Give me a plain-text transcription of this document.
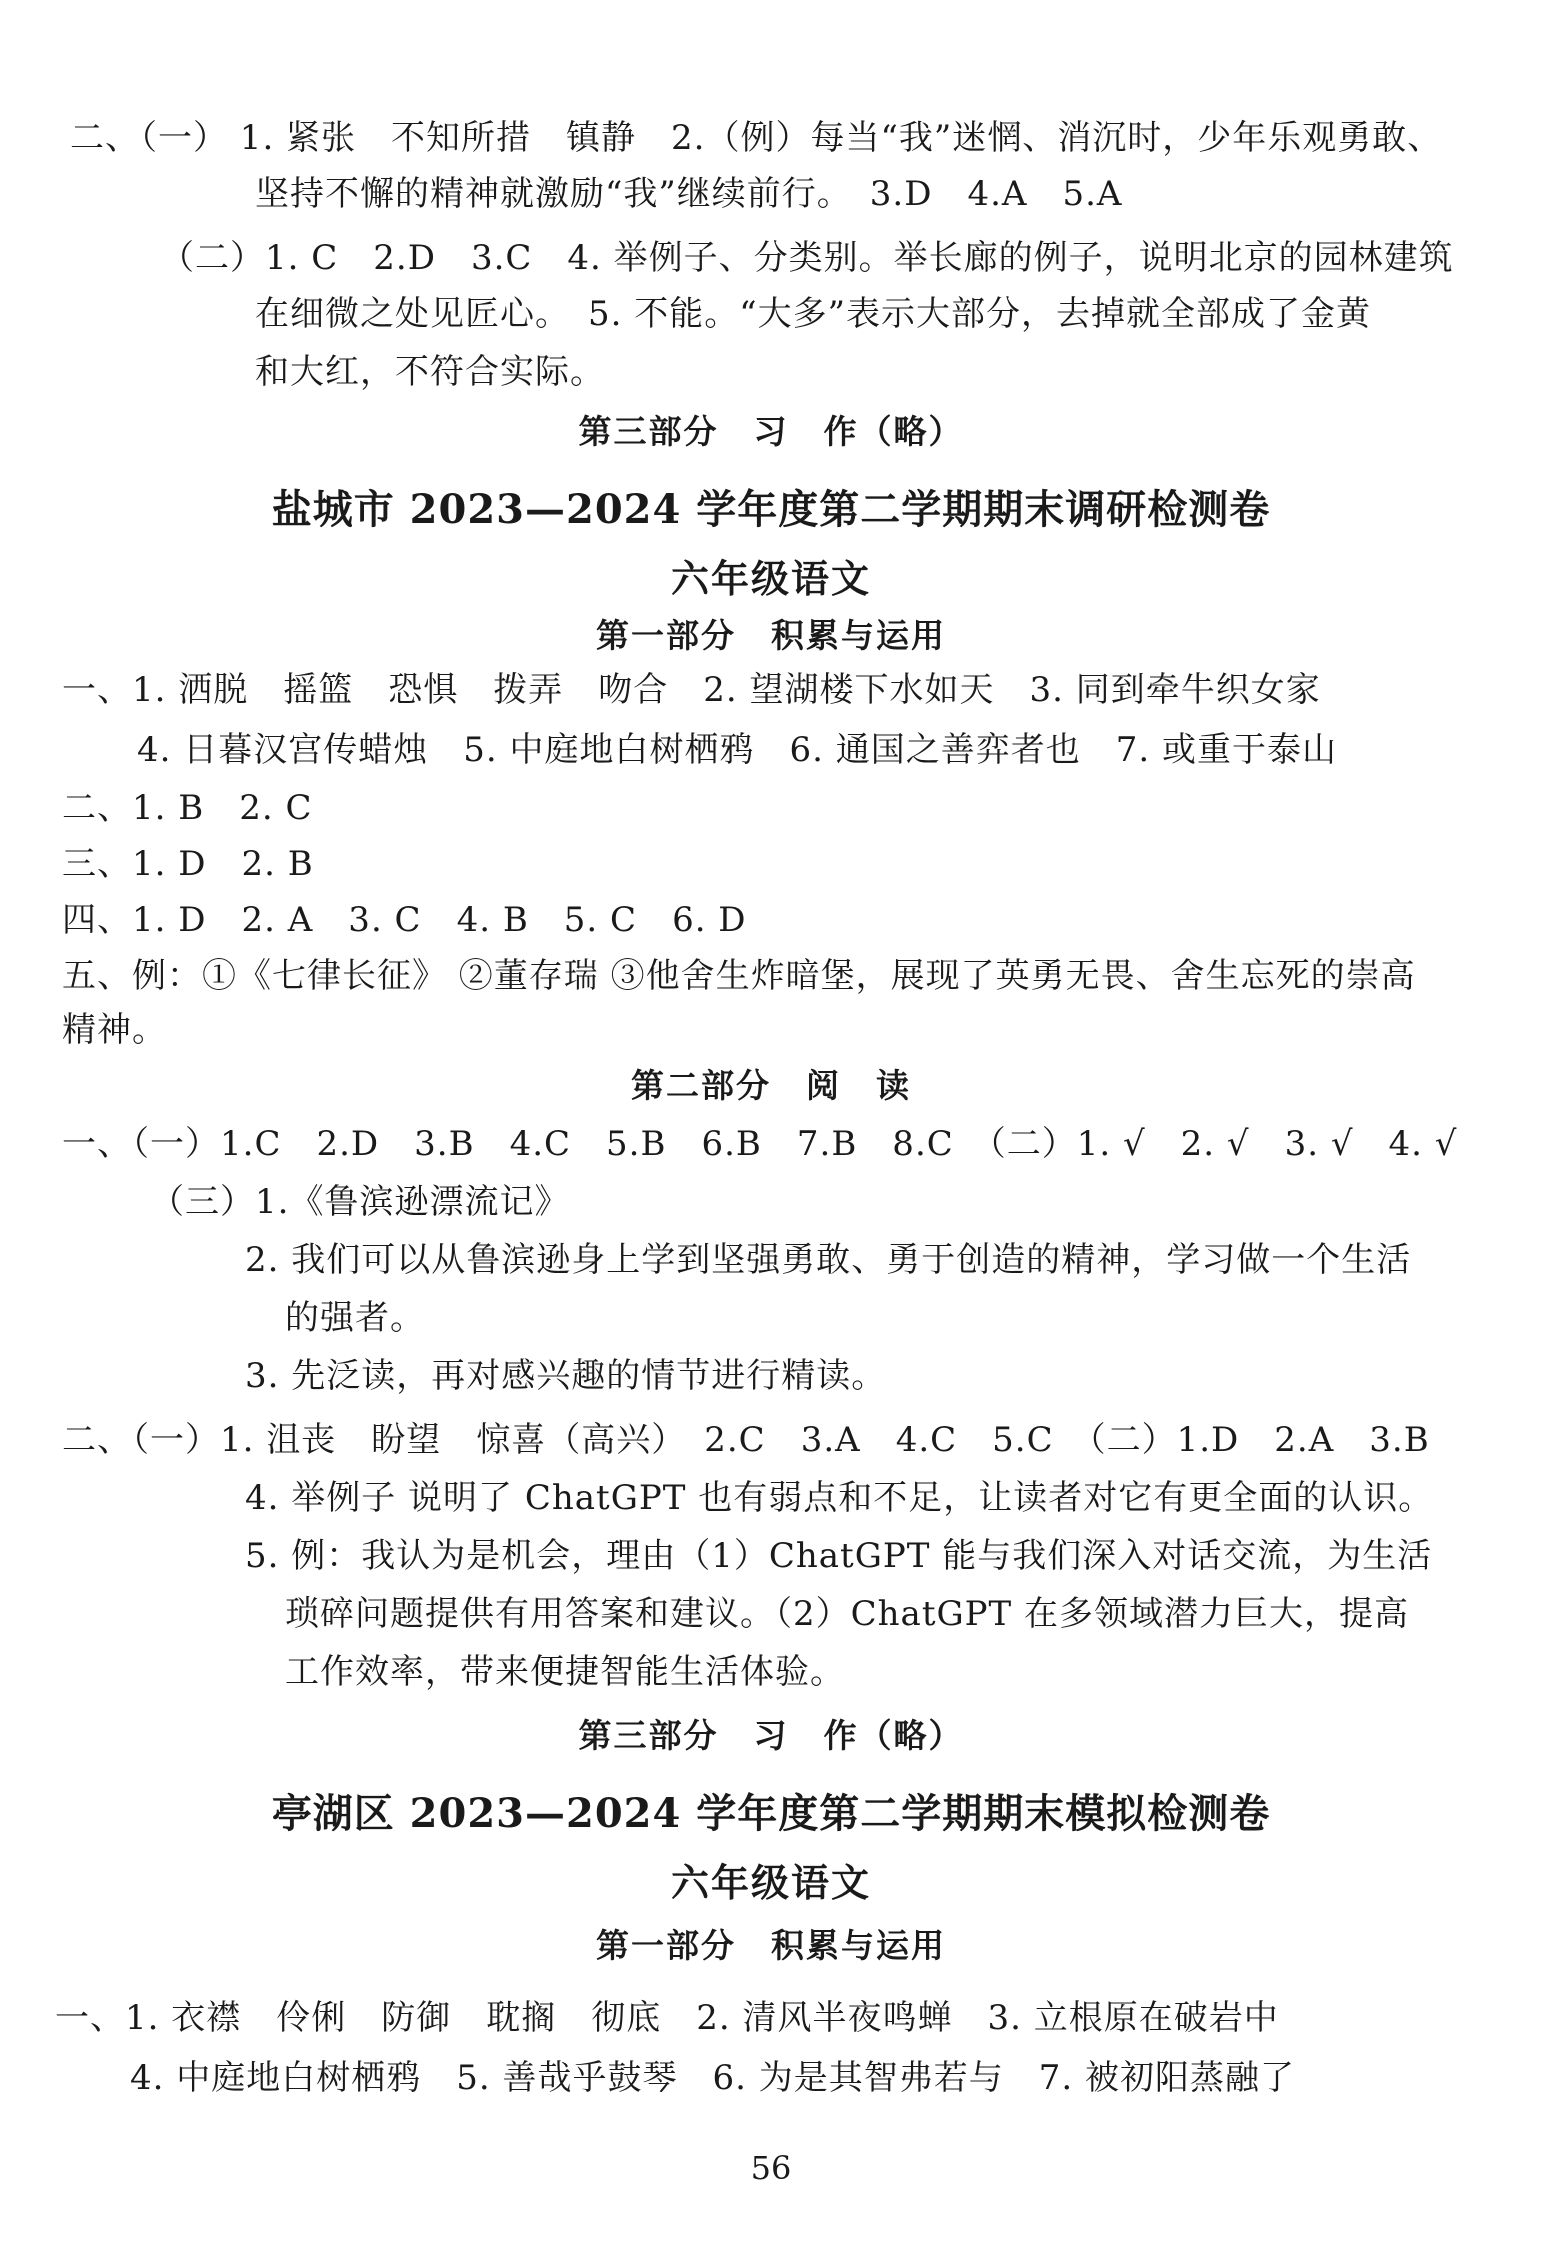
二、（一） 1. 紧张　不知所措　镇静　2.（例）每当“我”迷惘、消沉时，少年乐观勇敢、
坚持不懈的精神就激励“我”继续前行。　3.D　4.A　5.A
（二）1. C　2.D　3.C　4. 举例子、分类别。举长廊的例子，说明北京的园林建筑
在细微之处见匠心。　5. 不能。“大多”表示大部分，去掉就全部成了金黄
和大红，不符合实际。
第三部分　习　作（略）
盐城市 2023—2024 学年度第二学期期末调研检测卷
六年级语文
第一部分　积累与运用
一、1. 洒脱　摇篮　恐惧　拨弄　吻合　2. 望湖楼下水如天　3. 同到牵牛织女家
4. 日暮汉宫传蜡烛　5. 中庭地白树栖鸦　6. 通国之善弈者也　7. 或重于泰山
二、1. B　2. C
三、1. D　2. B
四、1. D　2. A　3. C　4. B　5. C　6. D
五、例：①《七律长征》 ②董存瑞 ③他舍生炸暗堡，展现了英勇无畏、舍生忘死的崇高
精神。
第二部分　阅　读
一、（一）1.C　2.D　3.B　4.C　5.B　6.B　7.B　8.C　（二）1. √　2. √　3. √　4. √
（三）1.《鲁滨逊漂流记》
2. 我们可以从鲁滨逊身上学到坚强勇敢、勇于创造的精神，学习做一个生活
的强者。
3. 先泛读，再对感兴趣的情节进行精读。
二、（一）1. 沮丧　盼望　惊喜（高兴）　2.C　3.A　4.C　5.C　（二）1.D　2.A　3.B
4. 举例子 说明了 ChatGPT 也有弱点和不足，让读者对它有更全面的认识。
5. 例：我认为是机会，理由（1）ChatGPT 能与我们深入对话交流，为生活
琐碎问题提供有用答案和建议。（2）ChatGPT 在多领域潜力巨大，提高
工作效率，带来便捷智能生活体验。
第三部分　习　作（略）
亭湖区 2023—2024 学年度第二学期期末模拟检测卷
六年级语文
第一部分　积累与运用
一、1. 衣襟　伶俐　防御　耽搁　彻底　2. 清风半夜鸣蝉　3. 立根原在破岩中
4. 中庭地白树栖鸦　5. 善哉乎鼓琴　6. 为是其智弗若与　7. 被初阳蒸融了
56
